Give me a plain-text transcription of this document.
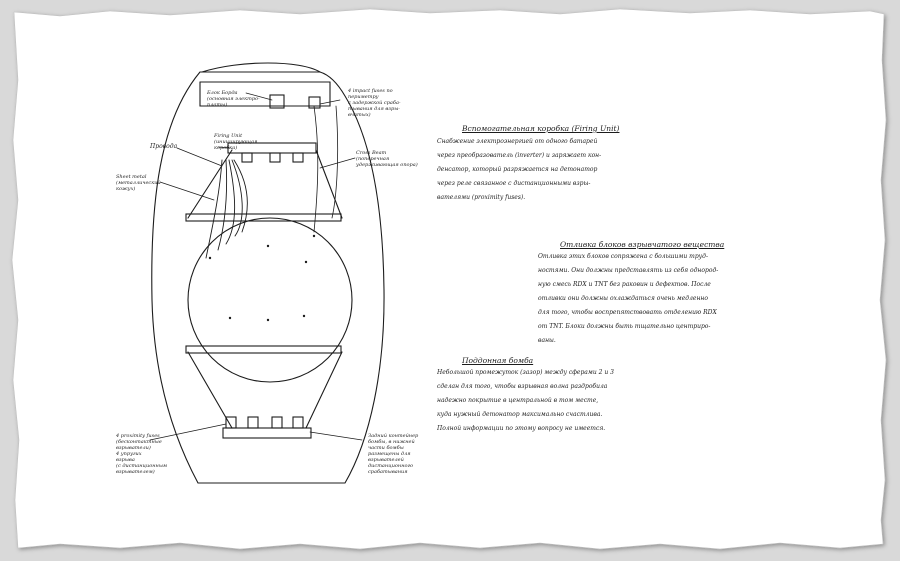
Блок Борда
(основная электро-
платы)
4 impact fuses по
периметру
с задержкой сраба-
тывания для взры-
вчатых)
Firing Unit
(инициирующая
коробка)
Провода
Sheet metal
(металлический
кожух)
Cross Beam
(поперечная
удерживающая опора)
4 proximity fuses
(бесконтактные
взрыватели)
4 упругих
взрыва
(с дистанционным
взрывателем)
Задний контейнер
бомбы, в нижней
части бомбы
размещены для
взрывателей
дистанционного
срабатывания
Вспомогательная коробка (Firing Unit)
Снабжение электроэнергией от одного батарей
через преобразователь (inverter) и заряжает кон-
денсатор, который разряжается на детонатор
через реле связанное с дистанционными взры-
вателями (proximity fuses).
Отливка блоков взрывчатого вещества
Отливка этих блоков сопряжена с большими труд-
ностями. Они должны представлять из себя однород-
ную смесь RDX и TNT без раковин и дефектов. После
отливки они должны охлаждаться очень медленно
для того, чтобы воспрепятствовать отделению RDX
от TNT. Блоки должны быть тщательно центриро-
ваны.
Поддонная бомба
Небольшой промежуток (зазор) между сферами 2 и 3
сделан для того, чтобы взрывная волна раздробила
надежно покрытие в центральной в том месте,
куда нужный детонатор максимально счастлива.
Полной информации по этому вопросу не имеется.
